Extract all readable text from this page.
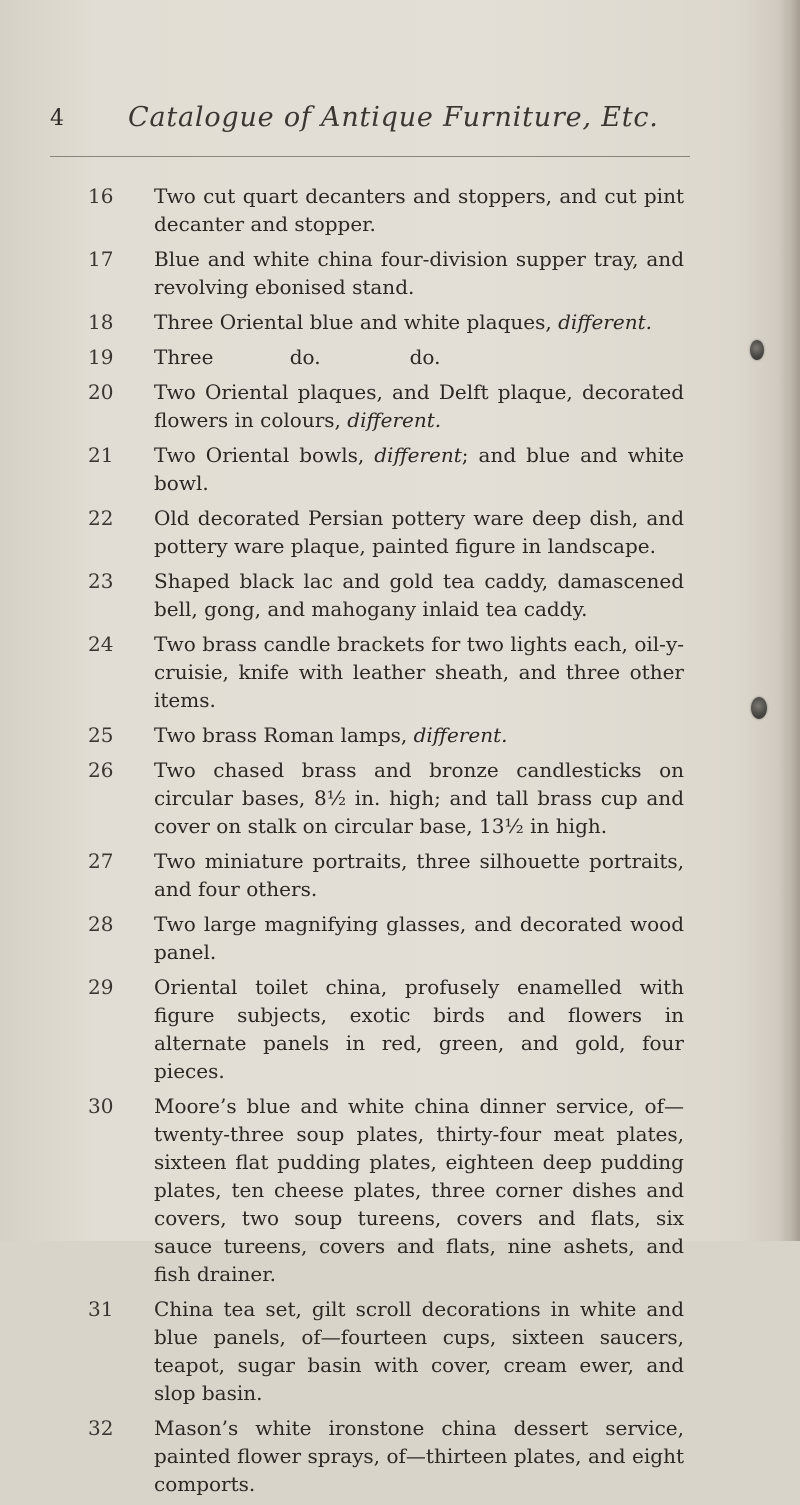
4 Catalogue of Antique Furniture, Etc.
16	Two cut quart decanters and stoppers, and cut pint decanter and stopper.

17	Blue and white china four-division supper tray, and revolving ebonised stand.

18	Three Oriental blue and white plaques, different.

19	Three            do.              do.

20	Two Oriental plaques, and Delft plaque, decorated flowers in colours, different.

21	Two Oriental bowls, different; and blue and white bowl.

22	Old decorated Persian pottery ware deep dish, and pottery ware plaque, painted figure in landscape.

23	Shaped black lac and gold tea caddy, damascened bell, gong, and mahogany inlaid tea caddy.

24	Two brass candle brackets for two lights each, oil-y-cruisie, knife with leather sheath, and three other items.

25	Two brass Roman lamps, different.

26	Two chased brass and bronze candlesticks on circular bases, 8½ in. high; and tall brass cup and cover on stalk on circular base, 13½ in high.

27	Two miniature portraits, three silhouette portraits, and four others.

28	Two large magnifying glasses, and decorated wood panel.

29	Oriental toilet china, profusely enamelled with figure subjects, exotic birds and flowers in alternate panels in red, green, and gold, four pieces.

30	Moore’s blue and white china dinner service, of—twenty-three soup plates, thirty-four meat plates, sixteen flat pudding plates, eighteen deep pudding plates, ten cheese plates, three corner dishes and covers, two soup tureens, covers and flats, six sauce tureens, covers and flats, nine ashets, and fish drainer.

31	China tea set, gilt scroll decorations in white and blue panels, of—fourteen cups, sixteen saucers, teapot, sugar basin with cover, cream ewer, and slop basin.

32	Mason’s white ironstone china dessert service, painted flower sprays, of—thirteen plates, and eight comports.
